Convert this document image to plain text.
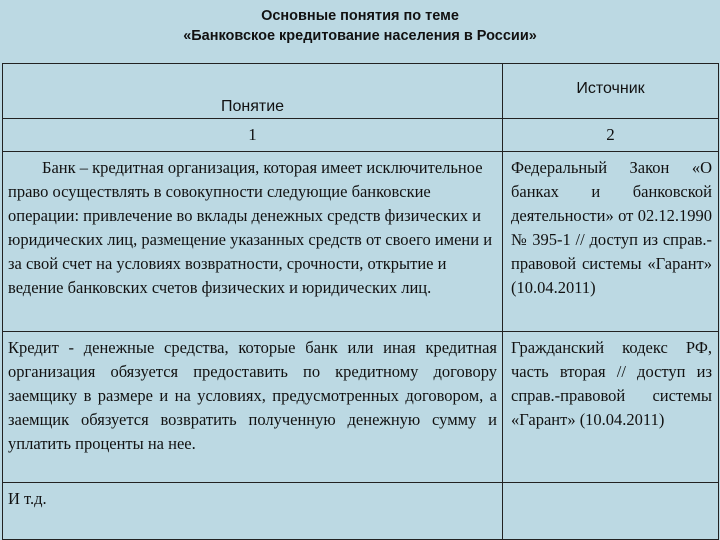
Основные понятия по теме
«Банковское кредитование населения в России»
Понятие	Источник
1	2

Банк – кредитная организация, которая имеет исключительное право осуществлять в совокупности следующие банковские операции: привлечение во вклады денежных средств физических и юридических лиц, размещение указанных средств от своего имени и за свой счет на условиях возвратности, срочности, открытие и ведение банковских счетов физических и юридических лиц.	Федеральный Закон «О банках и банковской деятельности» от 02.12.1990 № 395-1 // доступ из справ.-правовой системы «Гарант» (10.04.2011)

Кредит - денежные средства, которые банк или иная кредитная организация обязуется предоставить по кредитному договору заемщику в размере и на условиях, предусмотренных договором, а заемщик обязуется возвратить полученную денежную сумму и уплатить проценты на нее.	Гражданский кодекс РФ, часть вторая // доступ из справ.-правовой системы «Гарант» (10.04.2011)

И т.д.	
